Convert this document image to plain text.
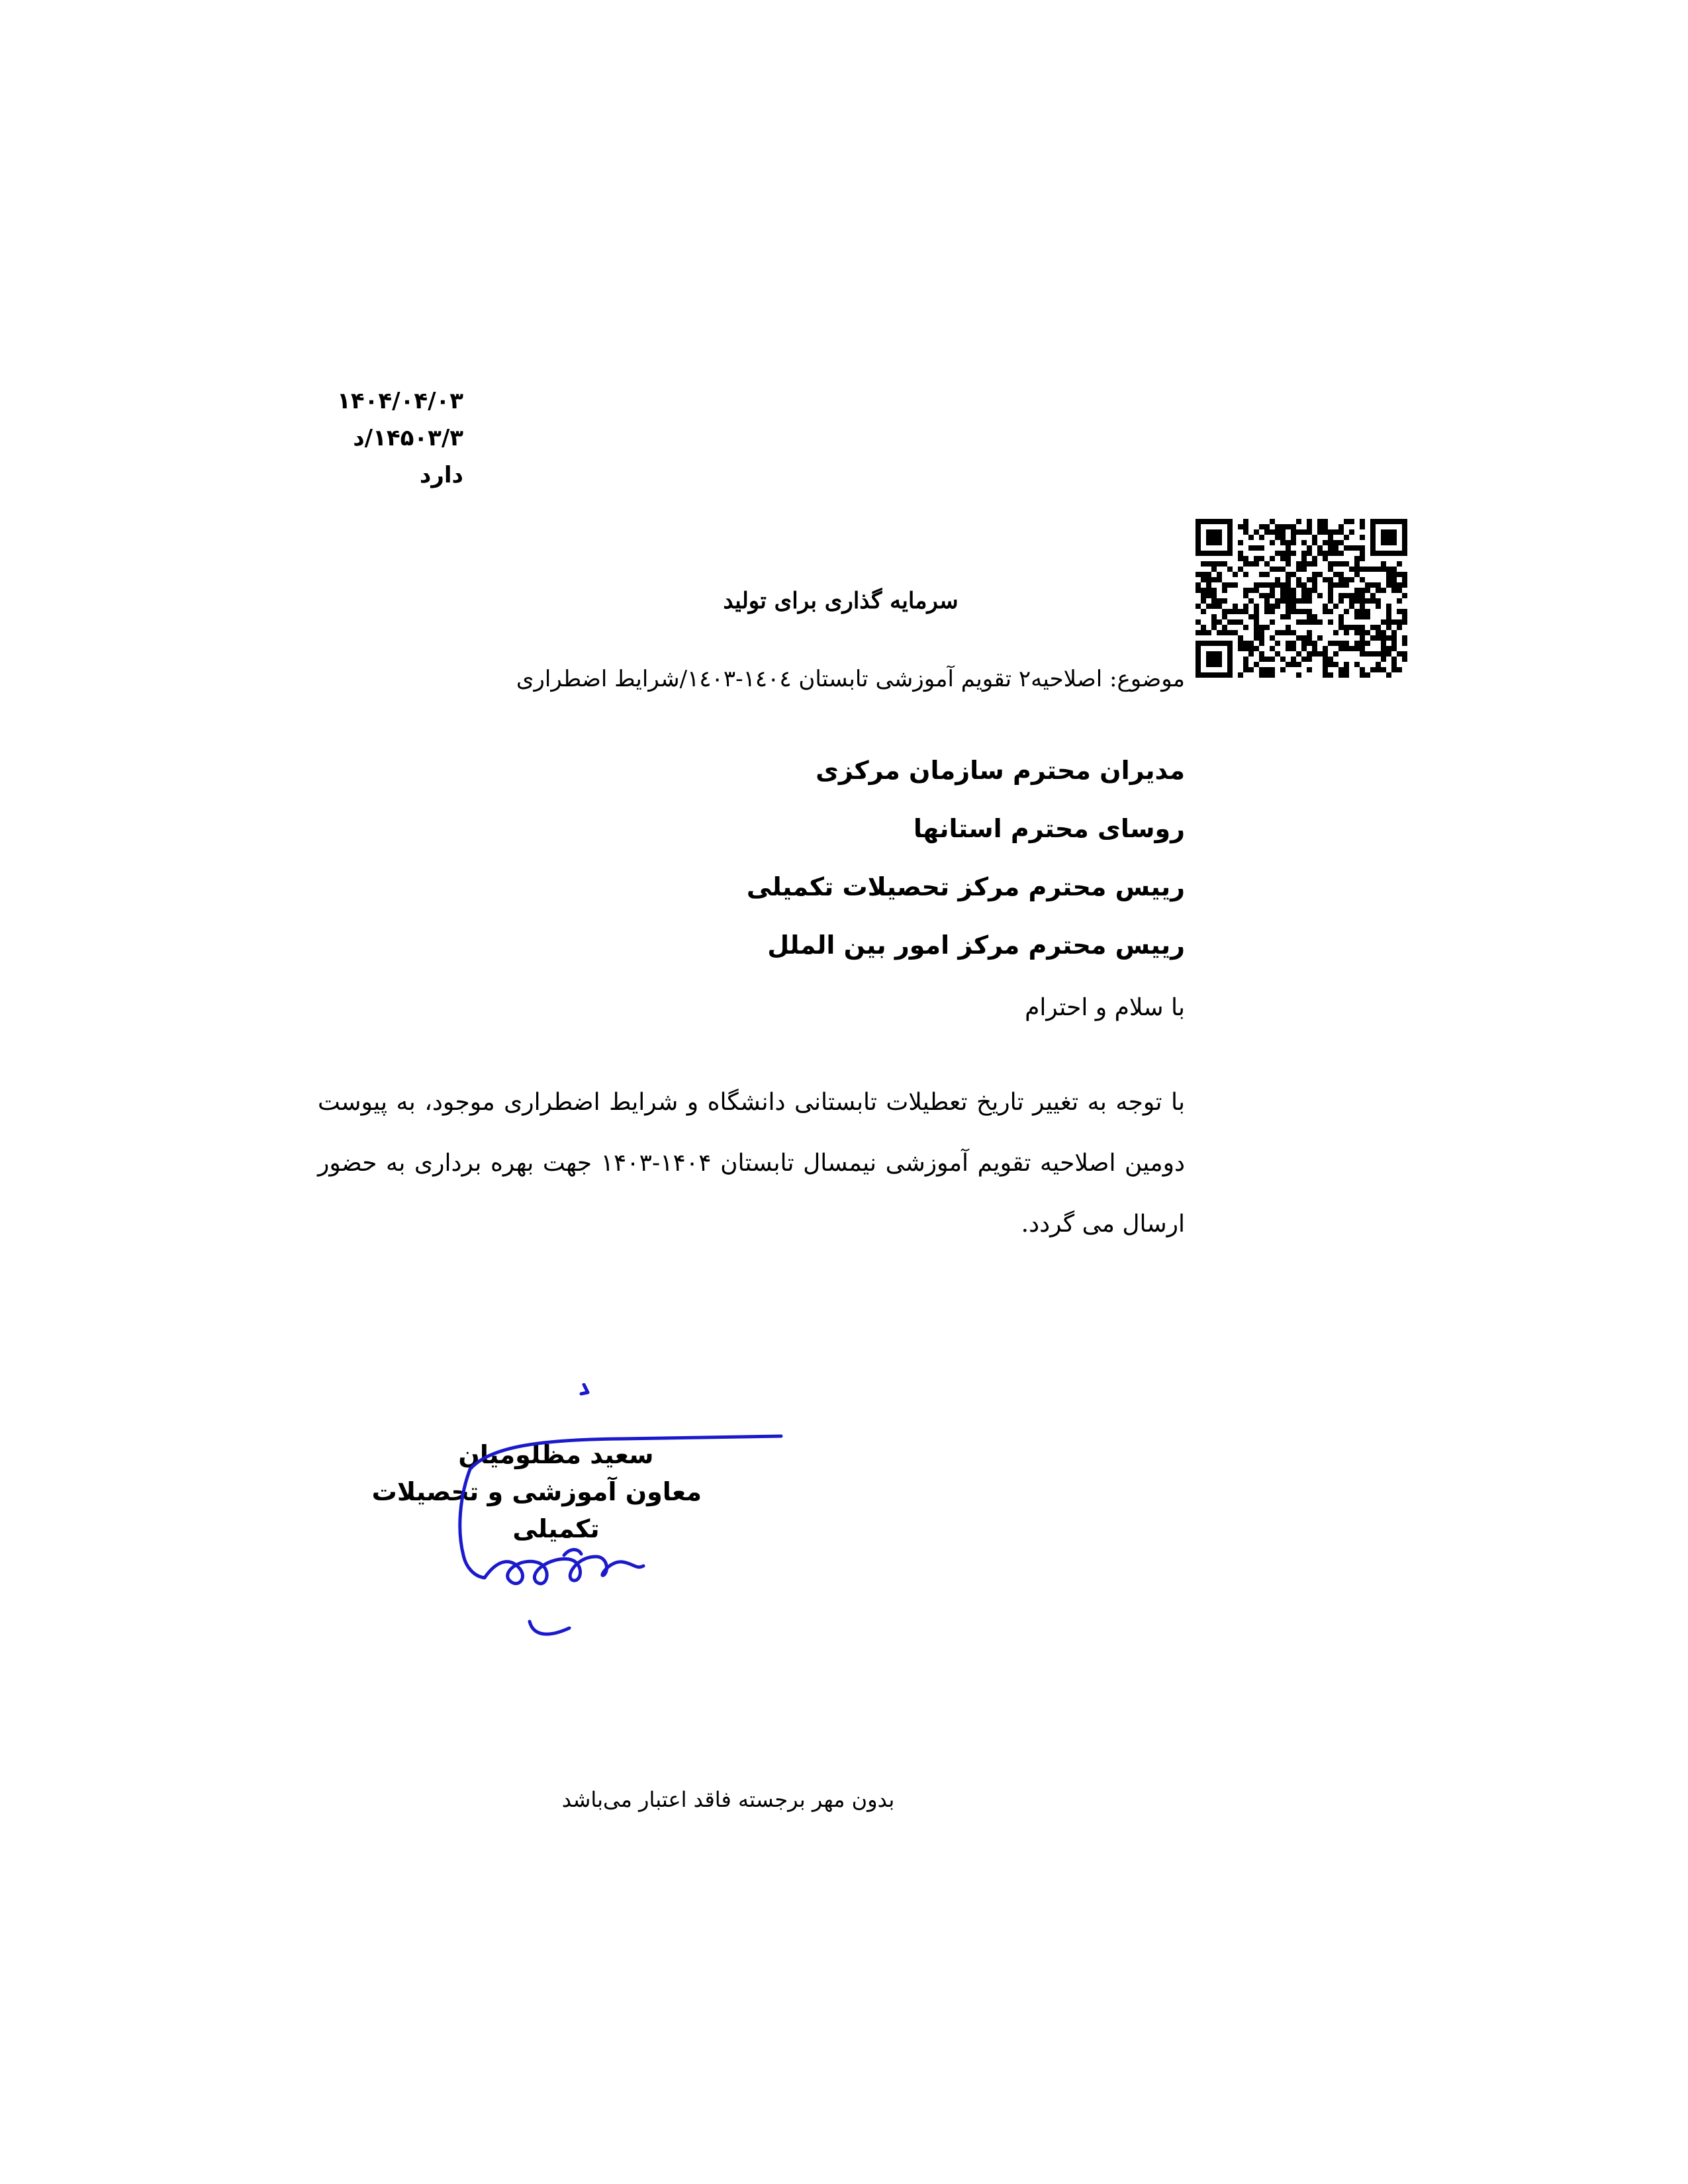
۱۴۰۴/۰۴/۰۳
۱۴۵۰۳/۳/د
دارد
سرمایه گذاری برای تولید
موضوع: اصلاحیه۲ تقویم آموزشی تابستان ۱٤٠٤-۱٤٠۳/شرایط اضطراری
مدیران محترم سازمان مرکزی
روسای محترم استانها
رییس محترم مرکز تحصیلات تکمیلی
رییس محترم مرکز امور بین الملل
با سلام و احترام
با توجه به تغییر تاریخ تعطیلات تابستانی دانشگاه و شرایط اضطراری موجود، به پیوست دومین اصلاحیه تقویم آموزشی نیمسال تابستان ۱۴۰۴-۱۴۰۳ جهت بهره برداری به حضور ارسال می گردد.
سعید مظلومیان
معاون آموزشی و تحصیلات
تکمیلی
بدون مهر برجسته فاقد اعتبار می‌باشد
